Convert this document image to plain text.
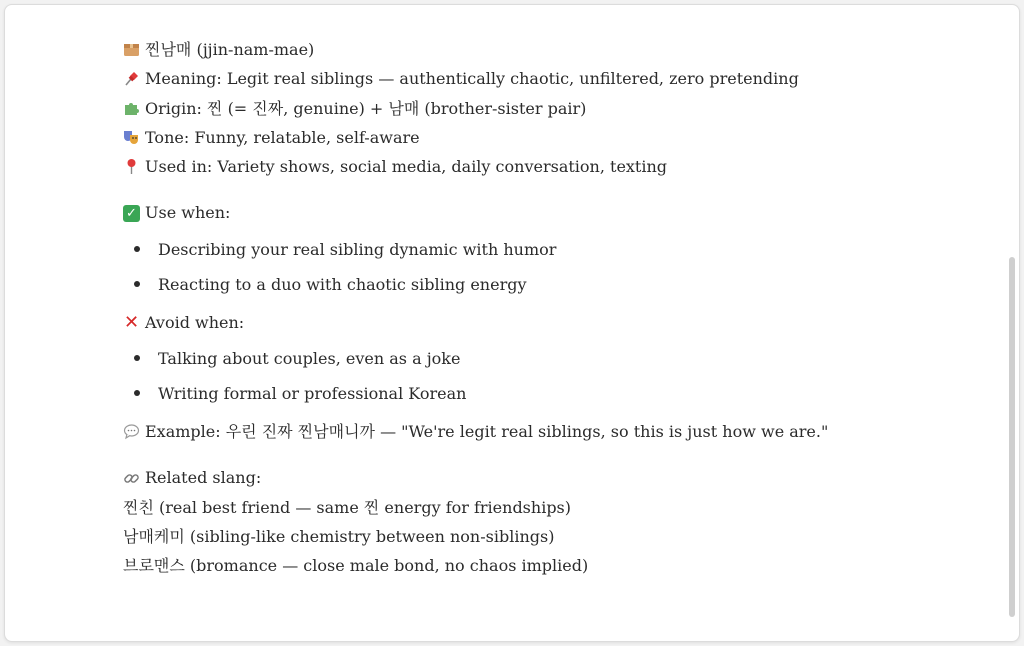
찐남매 (jjin-nam-mae)
Meaning: Legit real siblings — authentically chaotic, unfiltered, zero pretending
Origin: 찐 (= 진짜, genuine) + 남매 (brother-sister pair)
Tone: Funny, relatable, self-aware
Used in: Variety shows, social media, daily conversation, texting
✓ Use when:
Describing your real sibling dynamic with humor
Reacting to a duo with chaotic sibling energy
✕ Avoid when:
Talking about couples, even as a joke
Writing formal or professional Korean
Example: 우린 진짜 찐남매니까 — "We're legit real siblings, so this is just how we are."
Related slang:
찐친 (real best friend — same 찐 energy for friendships)
남매케미 (sibling-like chemistry between non-siblings)
브로맨스 (bromance — close male bond, no chaos implied)
